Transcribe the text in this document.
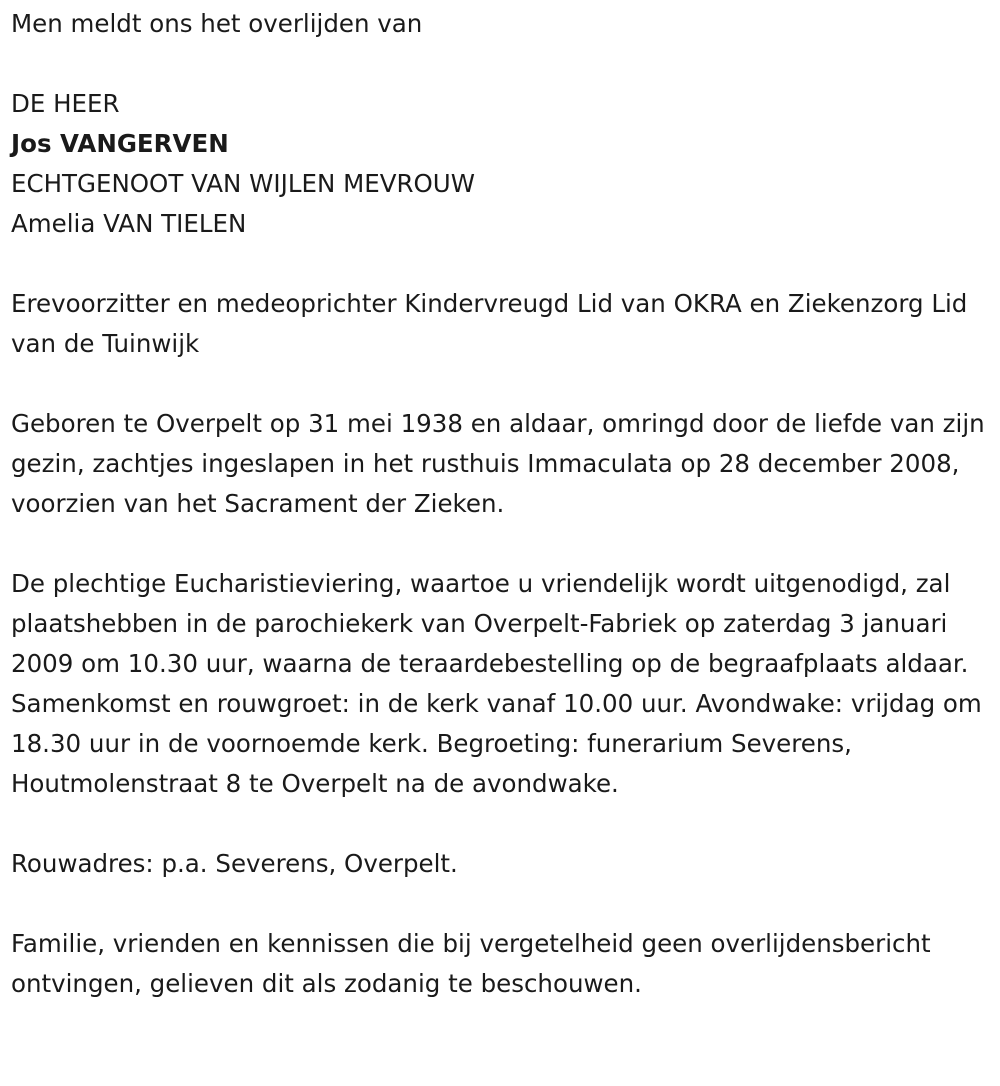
Men meldt ons het overlijden van

DE HEER

Jos VANGERVEN

ECHTGENOOT VAN WIJLEN MEVROUW

Amelia VAN TIELEN

Erevoorzitter en medeoprichter Kindervreugd Lid van OKRA en Ziekenzorg Lid van de Tuinwijk

Geboren te Overpelt op 31 mei 1938 en aldaar, omringd door de liefde van zijn gezin, zachtjes ingeslapen in het rusthuis Immaculata op 28 december 2008, voorzien van het Sacrament der Zieken.

De plechtige Eucharistieviering, waartoe u vriendelijk wordt uitgenodigd, zal plaatshebben in de parochiekerk van Overpelt-Fabriek op zaterdag 3 januari 2009 om 10.30 uur, waarna de teraardebestelling op de begraafplaats aldaar. Samenkomst en rouwgroet: in de kerk vanaf 10.00 uur. Avondwake: vrijdag om 18.30 uur in de voornoemde kerk. Begroeting: funerarium Severens, Houtmolenstraat 8 te Overpelt na de avondwake.

Rouwadres: p.a. Severens, Overpelt.

Familie, vrienden en kennissen die bij vergetelheid geen overlijdensbericht ontvingen, gelieven dit als zodanig te beschouwen.
